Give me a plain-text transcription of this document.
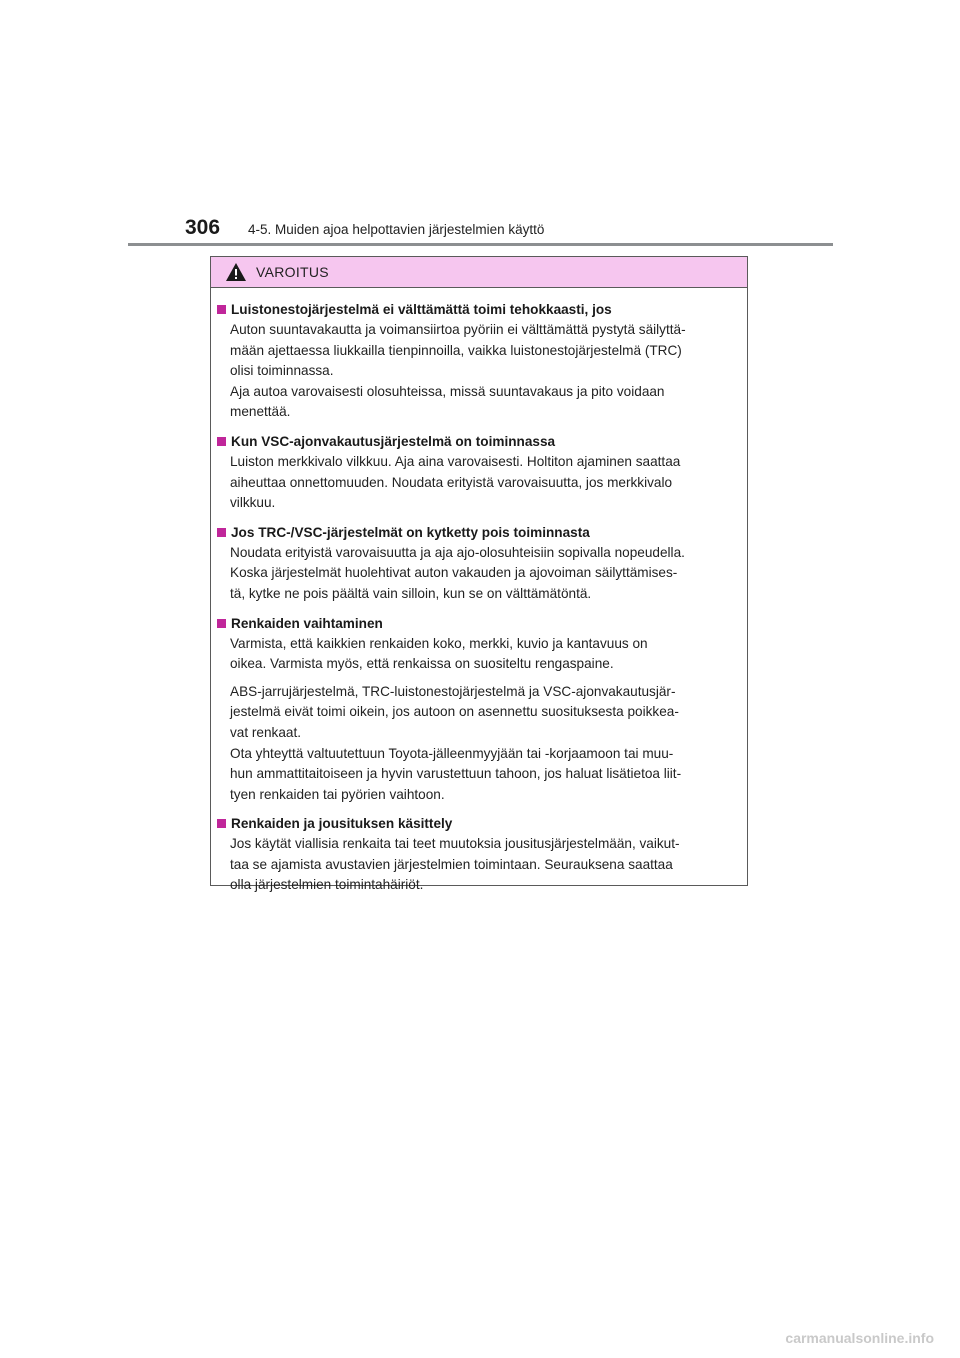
306 4-5. Muiden ajoa helpottavien järjestelmien käyttö
VAROITUS
Luistonestojärjestelmä ei välttämättä toimi tehokkaasti, jos
Auton suuntavakautta ja voimansiirtoa pyöriin ei välttämättä pystytä säilyttä-
mään ajettaessa liukkailla tienpinnoilla, vaikka luistonestojärjestelmä (TRC)
olisi toiminnassa.
Aja autoa varovaisesti olosuhteissa, missä suuntavakaus ja pito voidaan
menettää.
Kun VSC-ajonvakautusjärjestelmä on toiminnassa
Luiston merkkivalo vilkkuu. Aja aina varovaisesti. Holtiton ajaminen saattaa
aiheuttaa onnettomuuden. Noudata erityistä varovaisuutta, jos merkkivalo
vilkkuu.
Jos TRC-/VSC-järjestelmät on kytketty pois toiminnasta
Noudata erityistä varovaisuutta ja aja ajo-olosuhteisiin sopivalla nopeudella.
Koska järjestelmät huolehtivat auton vakauden ja ajovoiman säilyttämises-
tä, kytke ne pois päältä vain silloin, kun se on välttämätöntä.
Renkaiden vaihtaminen
Varmista, että kaikkien renkaiden koko, merkki, kuvio ja kantavuus on
oikea. Varmista myös, että renkaissa on suositeltu rengaspaine.
ABS-jarrujärjestelmä, TRC-luistonestojärjestelmä ja VSC-ajonvakautusjär-
jestelmä eivät toimi oikein, jos autoon on asennettu suosituksesta poikkea-
vat renkaat.
Ota yhteyttä valtuutettuun Toyota-jälleenmyyjään tai -korjaamoon tai muu-
hun ammattitaitoiseen ja hyvin varustettuun tahoon, jos haluat lisätietoa liit-
tyen renkaiden tai pyörien vaihtoon.
Renkaiden ja jousituksen käsittely
Jos käytät viallisia renkaita tai teet muutoksia jousitusjärjestelmään, vaikut-
taa se ajamista avustavien järjestelmien toimintaan. Seurauksena saattaa
olla järjestelmien toimintahäiriöt.
carmanualsonline.info
